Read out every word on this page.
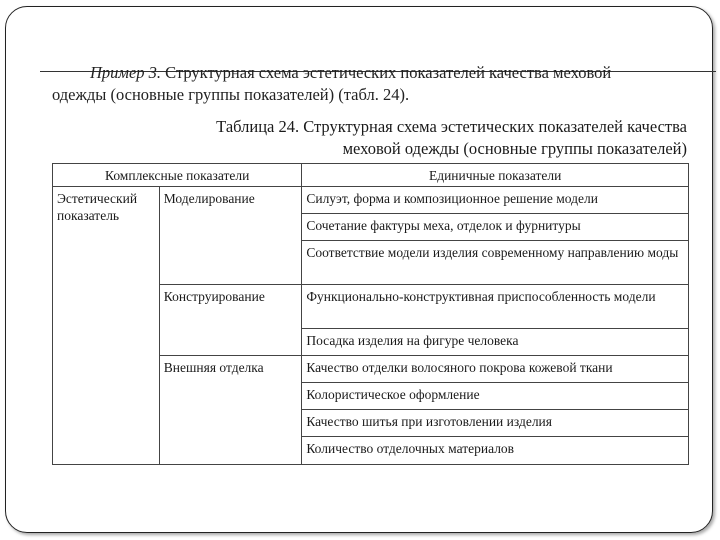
Пример 3. Структурная схема эстетических показателей качества меховой
одежды (основные группы показателей) (табл. 24).
Таблица 24. Структурная схема эстетических показателей качества
меховой одежды (основные группы показателей)
Комплексные показатели		Единичные показатели
Эстетический показатель	Моделирование	Силуэт, форма и композиционное решение модели
		Сочетание фактуры меха, отделок и фурнитуры
		Соответствие модели изделия современному направлению моды
	Конструирование	Функционально-конструктивная приспособленность модели
		Посадка изделия на фигуре человека
	Внешняя отделка	Качество отделки волосяного покрова кожевой ткани
		Колористическое оформление
		Качество шитья при изготовлении изделия
		Количество отделочных материалов
